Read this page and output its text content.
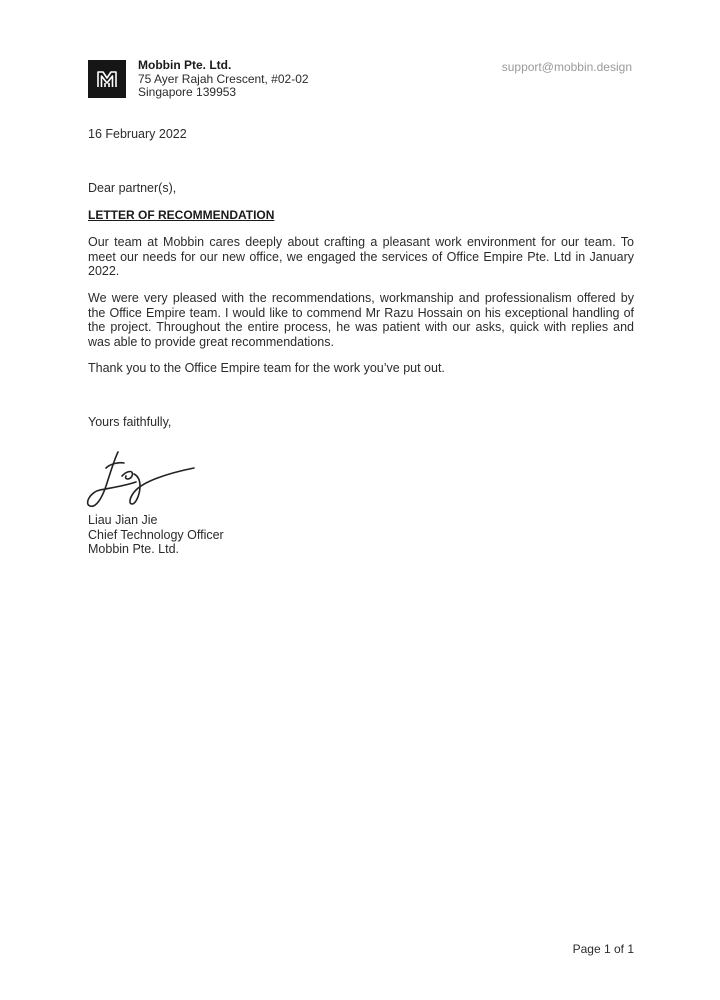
Mobbin Pte. Ltd.
75 Ayer Rajah Crescent, #02-02
Singapore 139953
support@mobbin.design
16 February 2022
Dear partner(s),
LETTER OF RECOMMENDATION
Our team at Mobbin cares deeply about crafting a pleasant work environment for our team. To meet our needs for our new office, we engaged the services of Office Empire Pte. Ltd in January 2022.
We were very pleased with the recommendations, workmanship and professionalism offered by the Office Empire team. I would like to commend Mr Razu Hossain on his exceptional handling of the project. Throughout the entire process, he was patient with our asks, quick with replies and was able to provide great recommendations.
Thank you to the Office Empire team for the work you’ve put out.
Yours faithfully,
Liau Jian Jie
Chief Technology Officer
Mobbin Pte. Ltd.
Page 1 of 1
